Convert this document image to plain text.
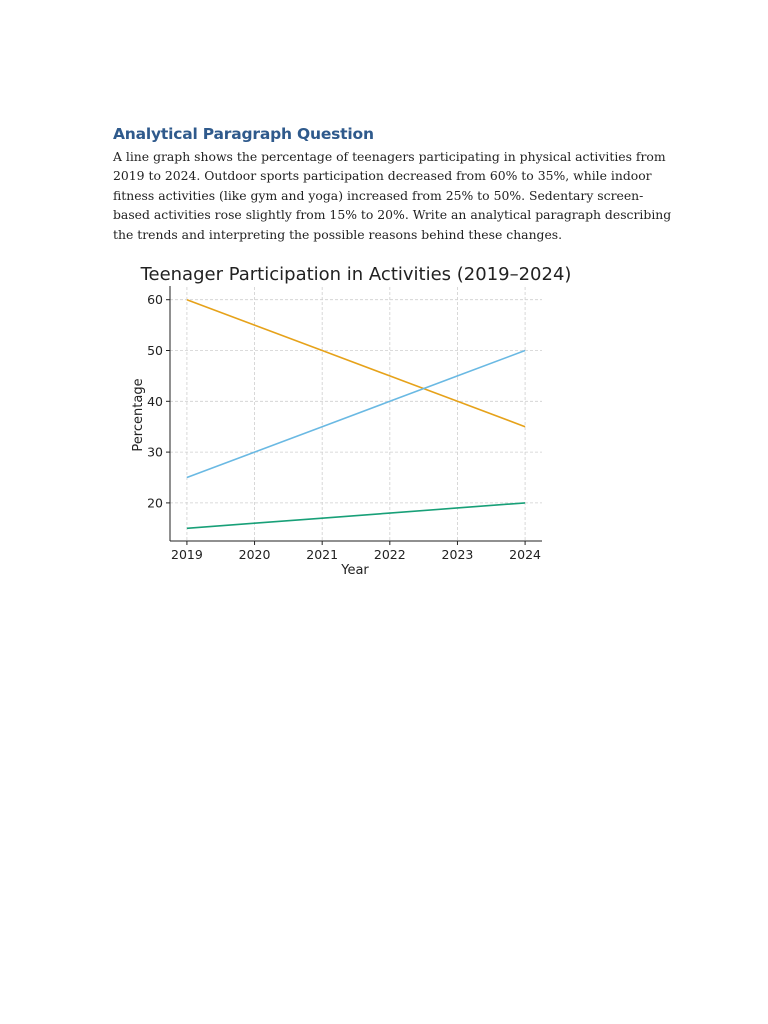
Analytical Paragraph Question

A line graph shows the percentage of teenagers participating in physical activities from 2019 to 2024. Outdoor sports participation decreased from 60% to 35%, while indoor fitness activities (like gym and yoga) increased from 25% to 50%. Sedentary screen-based activities rose slightly from 15% to 20%. Write an analytical paragraph describing the trends and interpreting the possible reasons behind these changes.

Teenager Participation in Activities (2019–2024)
2019	2020	2021	2022	2023	2024
20
30
40
50
60
Year
Percentage
